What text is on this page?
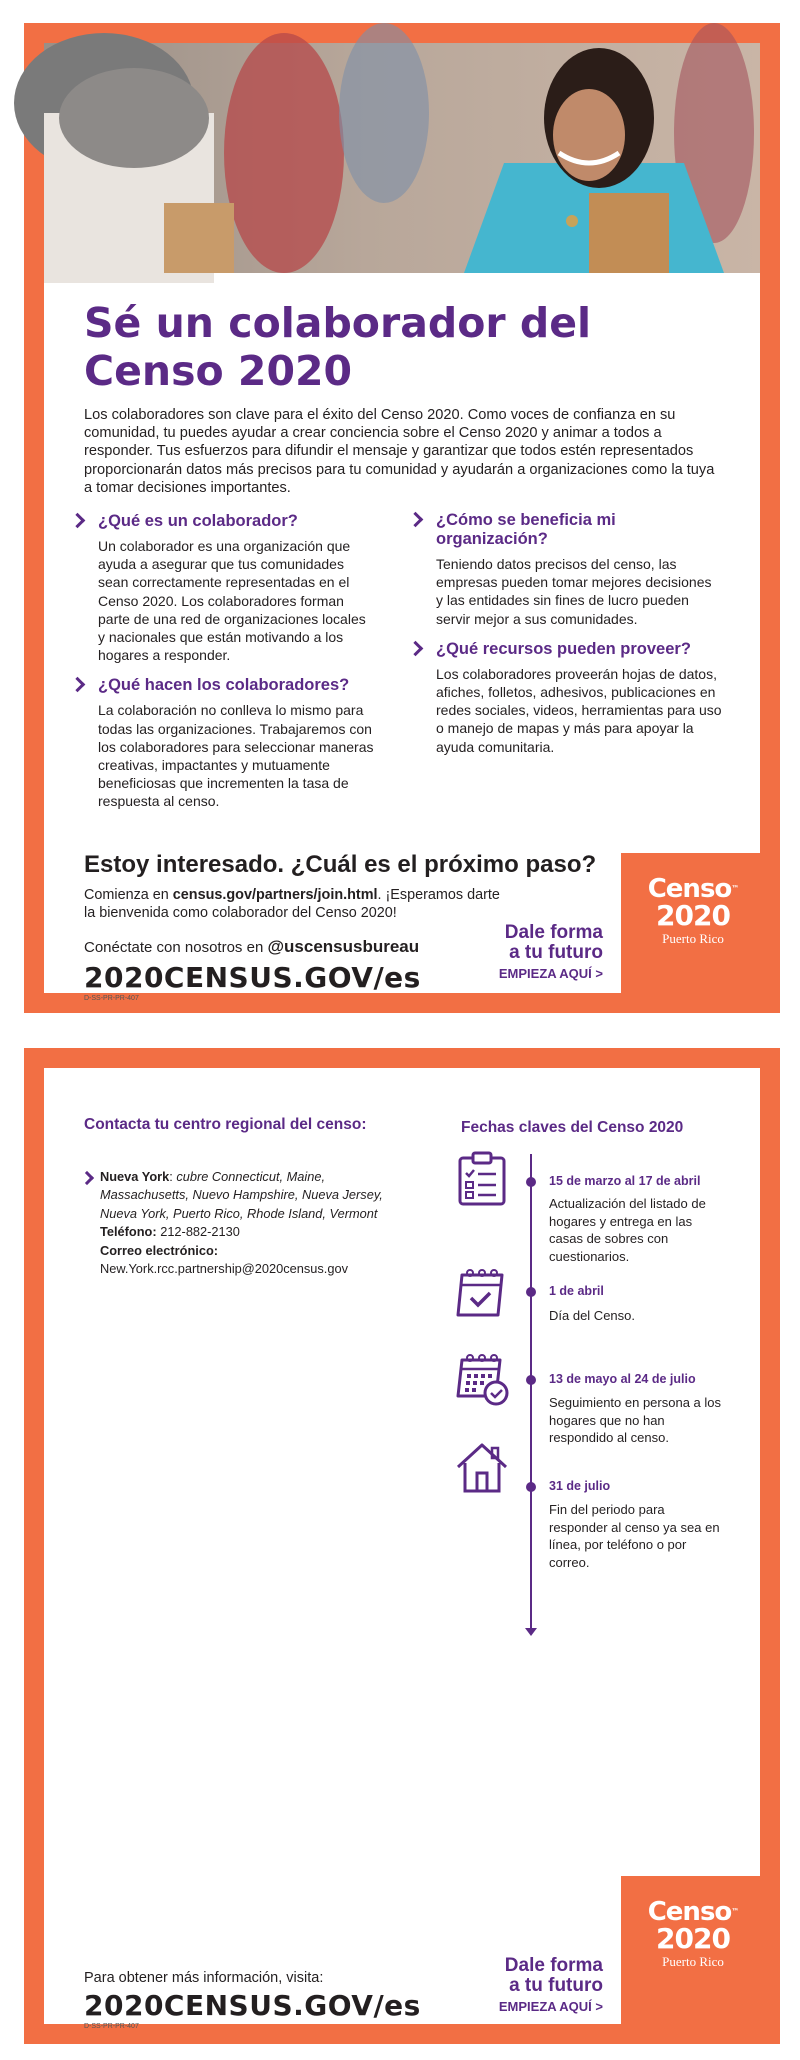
Sé un colaborador del
Censo 2020

Los colaboradores son clave para el éxito del Censo 2020. Como voces de confianza en su comunidad, tu puedes ayudar a crear conciencia sobre el Censo 2020 y animar a todos a responder. Tus esfuerzos para difundir el mensaje y garantizar que todos estén representados proporcionarán datos más precisos para tu comunidad y ayudarán a organizaciones como la tuya a tomar decisiones importantes.

¿Qué es un colaborador?

Un colaborador es una organización que ayuda a asegurar que tus comunidades sean correctamente representadas en el Censo 2020. Los colaboradores forman parte de una red de organizaciones locales y nacionales que están motivando a los hogares a responder.

¿Qué hacen los colaboradores?

La colaboración no conlleva lo mismo para todas las organizaciones. Trabajaremos con los colaboradores para seleccionar maneras creativas, impactantes y mutuamente beneficiosas que incrementen la tasa de respuesta al censo.

¿Cómo se beneficia mi organización?

Teniendo datos precisos del censo, las empresas pueden tomar mejores decisiones y las entidades sin fines de lucro pueden servir mejor a sus comunidades.

¿Qué recursos pueden proveer?

Los colaboradores proveerán hojas de datos, afiches, folletos, adhesivos, publicaciones en redes sociales, videos, herramientas para uso o manejo de mapas y más para apoyar la ayuda comunitaria.

Estoy interesado. ¿Cuál es el próximo paso?

Comienza en census.gov/partners/join.html. ¡Esperamos darte la bienvenida como colaborador del Censo 2020!

Conéctate con nosotros en @uscensusbureau

2020CENSUS.GOV/es

D-SS-PR-PR-407

Dale forma
a tu futuro
EMPIEZA AQUÍ >
Censo™
2020
Puerto Rico
Contacta tu centro regional del censo:	Fechas claves del Censo 2020

Nueva York: cubre Connecticut, Maine, Massachusetts, Nuevo Hampshire, Nueva Jersey, Nueva York, Puerto Rico, Rhode Island, Vermont

Teléfono: 212-882-2130

Correo electrónico:

New.York.rcc.partnership@2020census.gov

15 de marzo al 17 de abril

Actualización del listado de hogares y entrega en las casas de sobres con cuestionarios.

1 de abril

Día del Censo.

13 de mayo al 24 de julio

Seguimiento en persona a los hogares que no han respondido al censo.

31 de julio

Fin del periodo para responder al censo ya sea en línea, por teléfono o por correo.

Para obtener más información, visita:

2020CENSUS.GOV/es

D-SS-PR-PR-407

Dale forma
a tu futuro
EMPIEZA AQUÍ >
Censo™
2020
Puerto Rico
